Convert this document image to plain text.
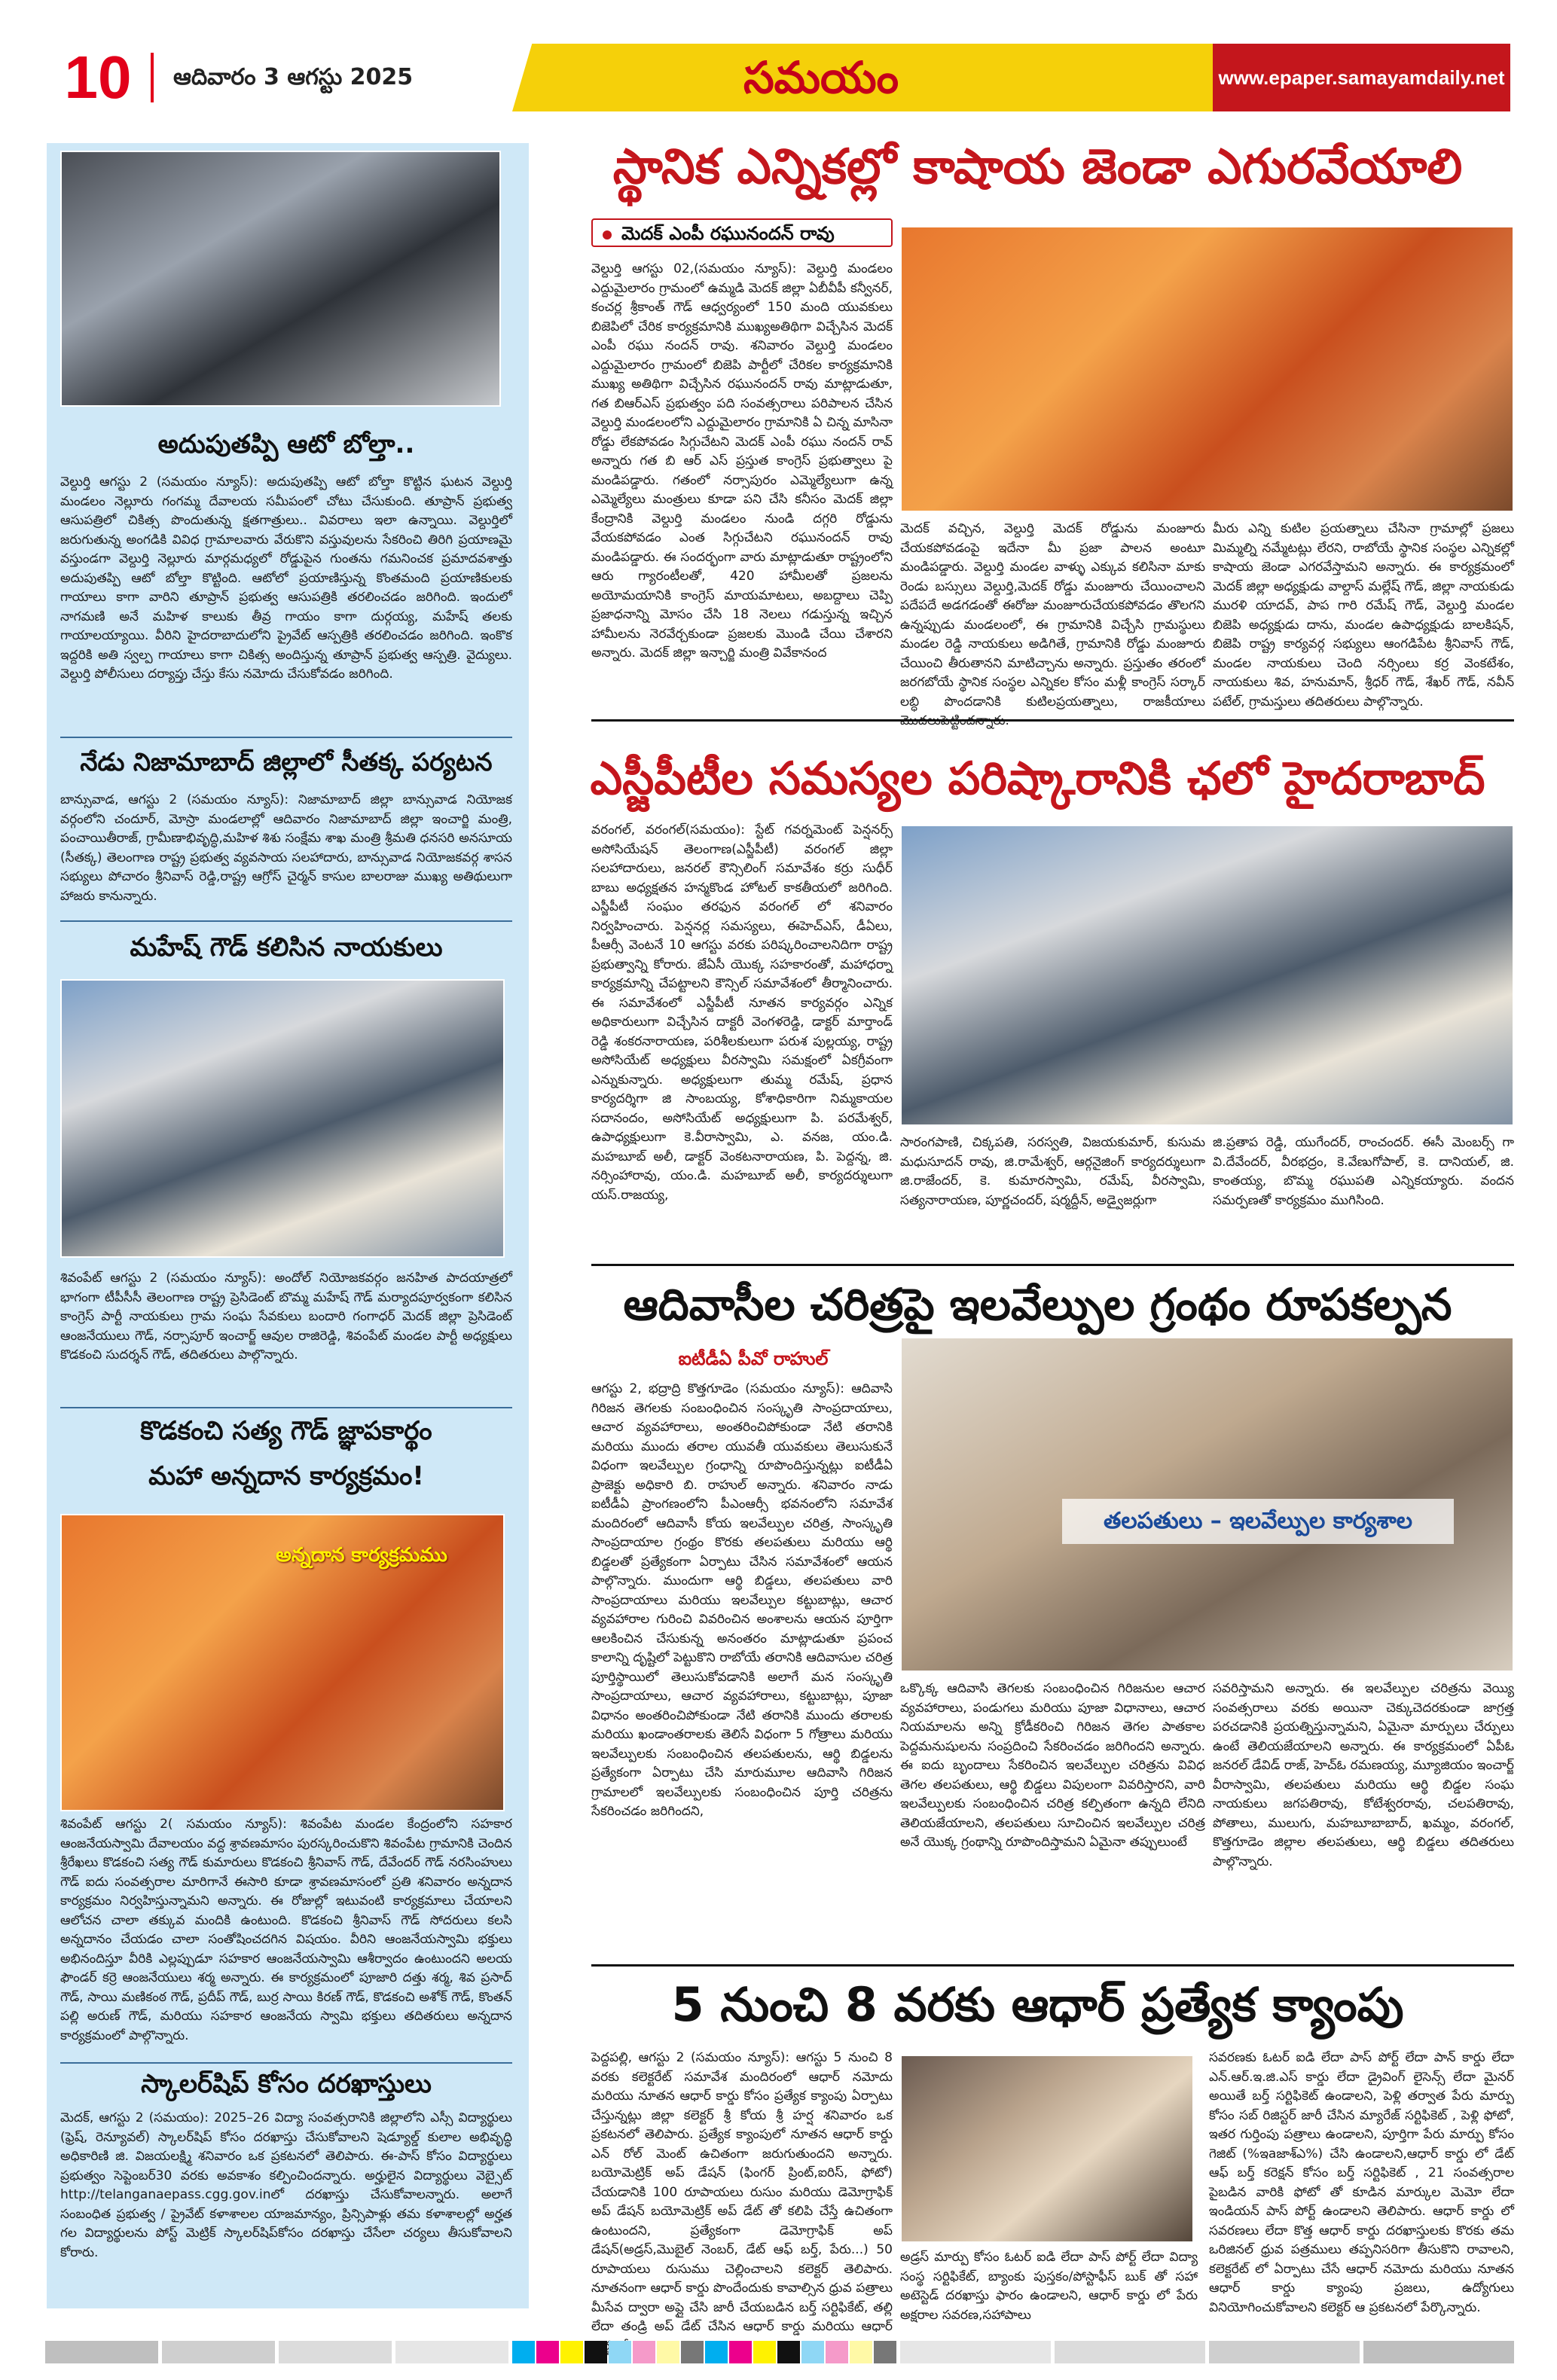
10	ఆదివారం 3 ఆగస్టు 2025	సమయం	www.epaper.samayamdaily.net
అదుపుతప్పి ఆటో బోల్తా..
వెల్దుర్తి ఆగస్టు 2 (సమయం న్యూస్): అదుపుతప్పి ఆటో బోల్తా కొట్టిన ఘటన వెల్దుర్తి మండలం నెల్లూరు గంగమ్మ దేవాలయ సమీపంలో చోటు చేసుకుంది. తూప్రాన్ ప్రభుత్వ ఆసుపత్రిలో చికిత్స పొందుతున్న క్షతగాత్రులు.. వివరాలు ఇలా ఉన్నాయి. వెల్దుర్తిలో జరుగుతున్న అంగడికి వివిధ గ్రామాలవారు వేరుకొని వస్తువులను సేకరించి తిరిగి ప్రయాణమై వస్తుండగా వెల్దుర్తి నెల్లూరు మార్గమధ్యలో రోడ్డుపైన గుంతను గమనించక ప్రమాదవశాత్తు అదుపుతప్పి ఆటో బోల్తా కొట్టింది. ఆటోలో ప్రయాణిస్తున్న కొంతమంది ప్రయాణికులకు గాయాలు కాగా వారిని తూప్రాన్ ప్రభుత్వ ఆసుపత్రికి తరలించడం జరిగింది. ఇందులో నాగమణి అనే మహిళ కాలుకు తీవ్ర గాయం కాగా దుర్గయ్య, మహేష్ తలకు గాయాలయ్యాయి. వీరిని హైదరాబాదులోని ప్రైవేట్ ఆస్పత్రికి తరలించడం జరిగింది. ఇంకొక ఇద్దరికి అతి స్వల్ప గాయాలు కాగా చికిత్స అందిస్తున్న తూప్రాన్ ప్రభుత్వ ఆస్పత్రి. వైద్యులు. వెల్దుర్తి పోలీసులు దర్యాప్తు చేస్తు కేసు నమోదు చేసుకోవడం జరిగింది.
నేడు నిజామాబాద్ జిల్లాలో సీతక్క పర్యటన
బాన్సువాడ, ఆగస్టు 2 (సమయం న్యూస్): నిజామాబాద్ జిల్లా బాన్సువాడ నియోజక వర్గంలోని చందూర్, మోస్రా మండలాల్లో ఆదివారం నిజామాబాద్ జిల్లా ఇంచార్జి మంత్రి, పంచాయితీరాజ్, గ్రామీణాభివృద్ధి,మహిళ శిశు సంక్షేమ శాఖ మంత్రి శ్రీమతి ధనసరి అనసూయ (సీతక్క) తెలంగాణ రాష్ట్ర ప్రభుత్వ వ్యవసాయ సలహాదారు, బాన్సువాడ నియోజకవర్గ శాసన సభ్యులు పోచారం శ్రీనివాస్ రెడ్డి,రాష్ట్ర ఆగ్రోస్ చైర్మన్ కాసుల బాలరాజు ముఖ్య అతిథులుగా హాజరు కానున్నారు.
మహేష్ గౌడ్ కలిసిన నాయకులు
శివంపేట్ ఆగస్టు 2 (సమయం న్యూస్): అందోల్ నియోజకవర్గం జనహిత పాదయాత్రలో భాగంగా టీపీసీసీ తెలంగాణ రాష్ట్ర ప్రెసిడెంట్ బొమ్మ మహేష్ గౌడ్ మర్యాదపూర్వకంగా కలిసిన కాంగ్రెస్ పార్టీ నాయకులు గ్రామ సంఘ సేవకులు బందారి గంగాధర్ మెదక్ జిల్లా ప్రెసిడెంట్ ఆంజనేయులు గౌడ్, నర్సాపూర్ ఇంచార్జ్ ఆవుల రాజిరెడ్డి, శివంపేట్ మండల పార్టీ అధ్యక్షులు కొడకంచి సుదర్శన్ గౌడ్, తదితరులు పాల్గొన్నారు.
కొడకంచి సత్య గౌడ్ జ్ఞాపకార్థం
మహా అన్నదాన కార్యక్రమం!
అన్నదాన కార్యక్రమము
శివంపేట్ ఆగస్టు 2( సమయం న్యూస్): శివంపేట మండల కేంద్రంలోని సహకార ఆంజనేయస్వామి దేవాలయం వద్ద శ్రావణమాసం పురస్కరించుకొని శివంపేట గ్రామానికి చెందిన శ్రీరేఖలు కొడకంచి సత్య గౌడ్ కుమారులు కొడకంచి శ్రీనివాస్ గౌడ్, దేవేందర్ గౌడ్ నరసింహులు గౌడ్ ఐదు సంవత్సరాల మారిగానే ఈసారి కూడా శ్రావణమాసంలో ప్రతి శనివారం అన్నదాన కార్యక్రమం నిర్వహిస్తున్నామని అన్నారు. ఈ రోజుల్లో ఇటువంటి కార్యక్రమాలు చేయాలని ఆలోచన చాలా తక్కువ మందికి ఉంటుంది. కొడకంచి శ్రీనివాస్ గౌడ్ సోదరులు కలసి అన్నదానం చేయడం చాలా సంతోషించదగిన విషయం. వీరిని ఆంజనేయస్వామి భక్తులు అభినందిస్తూ వీరికి ఎల్లప్పుడూ సహకార ఆంజనేయస్వామి ఆశీర్వాదం ఉంటుందని అలయ ఫౌండర్ కర్రె ఆంజనేయులు శర్మ అన్నారు. ఈ కార్యక్రమంలో పూజారి దత్తు శర్మ, శివ ప్రసాద్ గౌడ్, సాయి మణికంఠ గౌడ్, ప్రదీప్ గౌడ్, బుర్ర సాయి కిరణ్ గౌడ్, కొడకంచి అశోక్ గౌడ్, కొంతన్ పల్లి అరుణ్ గౌడ్, మరియు సహకార ఆంజనేయ స్వామి భక్తులు తదితరులు అన్నదాన కార్యక్రమంలో పాల్గొన్నారు.
స్కాలర్‌షిప్ కోసం దరఖాస్తులు
మెదక్, ఆగస్టు 2 (సమయం): 2025–26 విద్యా సంవత్సరానికి జిల్లాలోని ఎస్సీ విద్యార్థులు (ఫ్రెష్, రెన్యూవల్) స్కాలర్‌షిప్ కోసం దరఖాస్తు చేసుకోవాలని షెడ్యూల్డ్ కులాల అభివృద్ధి అధికారిణి జి. విజయలక్ష్మి శనివారం ఒక ప్రకటనలో తెలిపారు. ఈ-పాస్ కోసం విద్యార్థులు ప్రభుత్వం సెప్టెంబర్30 వరకు అవకాశం కల్పించిందన్నారు. అర్హులైన విద్యార్థులు వెబ్సైట్ http://telanganaepass.cgg.gov.inలో దరఖాస్తు చేసుకోవాలన్నారు. అలాగే సంబంధిత ప్రభుత్వ / ప్రైవేట్ కళాశాలల యాజమాన్యం, ప్రిన్సిపాళ్లు తమ కళాశాలల్లో అర్హత గల విద్యార్థులను పోస్ట్ మెట్రిక్ స్కాలర్‌షిప్‌కోసం దరఖాస్తు చేసేలా చర్యలు తీసుకోవాలని కోరారు.
స్థానిక ఎన్నికల్లో కాషాయ జెండా ఎగురవేయాలి
మెదక్ ఎంపీ రఘునందన్ రావు
వెల్దుర్తి ఆగస్టు 02,(సమయం న్యూస్): వెల్దుర్తి మండలం ఎద్దుమైలారం గ్రామంలో ఉమ్మడి మెదక్ జిల్లా ఏబీవీపీ కన్వీనర్, కంచర్ల శ్రీకాంత్ గౌడ్ ఆధ్వర్యంలో 150 మంది యువకులు బిజెపిలో చేరిక కార్యక్రమానికి ముఖ్యఅతిథిగా విచ్చేసిన మెదక్ ఎంపీ రఘు నందన్ రావు. శనివారం వెల్దుర్తి మండలం ఎద్దుమైలారం గ్రామంలో బిజెపి పార్టీలో చేరికల కార్యక్రమానికి ముఖ్య అతిథిగా విచ్చేసిన రఘునందన్ రావు మాట్లాడుతూ, గత బిఆర్ఎస్ ప్రభుత్వం పది సంవత్సరాలు పరిపాలన చేసిన వెల్దుర్తి మండలంలోని ఎద్దుమైలారం గ్రామానికి ఏ చిన్న మాసినా రోడ్డు లేకపోవడం సిగ్గుచేటని మెదక్ ఎంపీ రఘు నందన్ రావ్ అన్నారు గత బి ఆర్ ఎస్ ప్రస్తుత కాంగ్రెస్ ప్రభుత్వాలు పై మండిపడ్డారు. గతంలో నర్సాపురం ఎమ్మెల్యేలుగా ఉన్న ఎమ్మెల్యేలు మంత్రులు కూడా పని చేసి కనీసం మెదక్ జిల్లా కేంద్రానికి వెల్దుర్తి మండలం నుండి దగ్గరి రోడ్డును వేయకపోవడం ఎంత సిగ్గుచేటని రఘునందన్ రావు మండిపడ్డారు. ఈ సందర్భంగా వారు మాట్లాడుతూ రాష్ట్రంలోని ఆరు గ్యారంటీలతో, 420 హామీలతో ప్రజలను అయోమయానికి కాంగ్రెస్ మాయమాటలు, అబద్దాలు చెప్పి ప్రజాధనాన్ని మోసం చేసి 18 నెలలు గడుస్తున్న ఇచ్చిన హామీలను నెరవేర్చకుండా ప్రజలకు మొండి చేయి చేశారని అన్నారు. మెదక్ జిల్లా ఇన్చార్జి మంత్రి వివేకానంద
మెదక్ వచ్చిన, వెల్దుర్తి మెదక్ రోడ్డును మంజూరు చేయకపోవడంపై ఇదేనా మీ ప్రజా పాలన అంటూ మండిపడ్డారు. వెల్దుర్తి మండల వాళ్ళు ఎక్కువ కలిసినా మాకు రెండు బస్సులు వెల్దుర్తి,మెదక్ రోడ్డు మంజూరు చేయించాలని పదేపదే అడగడంతో ఈరోజు మంజూరుచేయకపోవడం తొలగని ఉన్నప్పుడు మండలంలో, ఈ గ్రామానికి విచ్చేసి గ్రామస్థులు మండల రెడ్డి నాయకులు అడిగితే, గ్రామానికి రోడ్డు మంజూరు చేయించి తీరుతానని మాటిచ్చాను అన్నారు. ప్రస్తుతం తరంలో జరగబోయే స్థానిక సంస్థల ఎన్నికల కోసం మళ్లీ కాంగ్రెస్ సర్కార్ లబ్ధి పొందడానికి కుటిలప్రయత్నాలు, రాజకీయాలు
మీరు ఎన్ని కుటిల ప్రయత్నాలు చేసినా గ్రామాల్లో ప్రజలు మిమ్మల్ని నమ్మేటట్లు లేరని, రాబోయే స్థానిక సంస్థల ఎన్నికల్లో కాషాయ జెండా ఎగరవేస్తామని అన్నారు. ఈ కార్యక్రమంలో మెదక్ జిల్లా అధ్యక్షుడు వాల్దాస్ మల్లేష్ గౌడ్, జిల్లా నాయకుడు మురళి యాదవ్, పాప గారి రమేష్ గౌడ్, వెల్దుర్తి మండల బిజెపి అధ్యక్షుడు దాను, మండల ఉపాధ్యక్షుడు బాలకిషన్, బిజెపి రాష్ట్ర కార్యవర్గ సభ్యులు ఆంగడిపేట శ్రీనివాస్ గౌడ్, మండల నాయకులు చెంది నర్సింలు కర్ర వెంకటేశం, నాయకులు శివ, హనుమాన్, శ్రీధర్ గౌడ్, శేఖర్ గౌడ్, నవీన్ పటేల్, గ్రామస్తులు తదితరులు పాల్గొన్నారు.
ఎస్జీపీటీల సమస్యల పరిష్కారానికి ఛలో హైదరాబాద్
వరంగల్, వరంగల్(సమయం): స్టేట్ గవర్నమెంట్ పెన్షనర్స్ అసోసియేషన్ తెలంగాణ(ఎస్జీపీటీ) వరంగల్ జిల్లా సలహాదారులు, జనరల్ కౌన్సిలింగ్ సమావేశం కర్రు సుధీర్ బాబు అధ్యక్షతన హన్మకొండ హోటల్ కాకతీయలో జరిగింది. ఎస్జీపీటీ సంఘం తరఫున వరంగల్ లో శనివారం నిర్వహించారు. పెన్షనర్ల సమస్యలు, ఈహెచ్ఎస్, డీఏలు, పీఆర్సీ వెంటనే 10 ఆగస్టు వరకు పరిష్కరించాలనిదిగా రాష్ట్ర ప్రభుత్వాన్ని కోరారు. జేఏసీ యొక్క సహకారంతో, మహాధర్నా కార్యక్రమాన్ని చేపట్టాలని కౌన్సిల్ సమావేశంలో తీర్మానించారు. ఈ సమావేశంలో ఎస్జీపీటీ నూతన కార్యవర్గం ఎన్నిక అధికారులుగా విచ్చేసిన దాక్టరీ వెంగళరెడ్డి, డాక్టర్ మార్తాండ్ రెడ్డి శంకరనారాయణ, పరిశీలకులుగా పరుశ పుల్లయ్య, రాష్ట్ర అసోసియేట్ అధ్యక్షులు వీరస్వామి సమక్షంలో ఏకగ్రీవంగా ఎన్నుకున్నారు. అధ్యక్షులుగా తుమ్మ రమేష్, ప్రధాన కార్యదర్శిగా జి సాంబయ్య, కోశాధికారిగా నిమ్మకాయల సదానందం, అసోసియేట్ అధ్యక్షులుగా పి. పరమేశ్వర్, ఉపాధ్యక్షులుగా కె.వీరాస్వామి, ఎ. వనజ, యం.డి. మహబూబ్ అలీ, డాక్టర్ వెంకటనారాయణ, పి. పెద్దన్న, జి. నర్సింహారావు, యం.డి. మహబూబ్ అలీ, కార్యదర్శులుగా యస్.రాజయ్య,
సారంగపాణి, చిక్కపతి, సరస్వతి, విజయకుమార్, కుసుమ మధుసూదన్ రావు, జి.రామేశ్వర్, ఆర్గనైజింగ్ కార్యదర్శులుగా జి.రాజేందర్, కె. కుమారస్వామి, రమేష్, వీరస్వామి, సత్యనారాయణ, పూర్ణచందర్, షర్మద్దీన్, అడ్వైజర్లుగా
జి.ప్రతాప రెడ్డి, యుగేందర్, రాంచందర్. ఈసీ మెంబర్స్ గా వి.దేవేందర్, వీరభద్రం, కె.వేణుగోపాల్, కె. దానియల్, జి. కాంతయ్య, బొమ్మ రఘుపతి ఎన్నికయ్యారు. వందన సమర్పణతో కార్యక్రమం ముగిసింది.
ఆదివాసీల చరిత్రపై ఇలవేల్పుల గ్రంథం రూపకల్పన
ఐటీడీఏ పీవో రాహుల్
ఆగస్టు 2, భద్రాద్రి కొత్తగూడెం (సమయం న్యూస్): ఆదివాసి గిరిజన తెగలకు సంబంధించిన సంస్కృతి సాంప్రదాయాలు, ఆచార వ్యవహారాలు, అంతరించిపోకుండా నేటి తరానికి మరియు ముందు తరాల యువతీ యువకులు తెలుసుకునే విధంగా ఇలవేల్పుల గ్రంధాన్ని రూపొందిస్తున్నట్లు ఐటీడీఏ ప్రాజెక్టు అధికారి బి. రాహుల్ అన్నారు. శనివారం నాడు ఐటీడీఏ ప్రాంగణంలోని పీఎంఆర్సీ భవనంలోని సమావేశ మందిరంలో ఆదివాసీ కోయ ఇలవేల్పుల చరిత్ర, సాంస్కృతి సాంప్రదాయాల గ్రంథ్రం కొరకు తలపతులు మరియు ఆర్థి బిడ్డలతో ప్రత్యేకంగా ఏర్పాటు చేసిన సమావేశంలో ఆయన పాల్గొన్నారు. ముందుగా ఆర్థి బిడ్డలు, తలపతులు వారి సాంప్రదాయాలు మరియు ఇలవేల్పుల కట్టుబాట్లు, ఆచార వ్యవహారాల గురించి వివరించిన అంశాలను ఆయన పూర్తిగా ఆలకించిన చేసుకున్న అనంతరం మాట్లాడుతూ ప్రపంచ కాలాన్ని దృష్టిలో పెట్టుకొని రాబోయే తరానికి ఆదివాసుల చరిత్ర పూర్తిస్థాయిలో తెలుసుకోవడానికి అలాగే మన సంస్కృతి సాంప్రదాయాలు, ఆచార వ్యవహారాలు, కట్టుబాట్లు, పూజా విధానం అంతరించిపోకుండా నేటి తరానికి ముందు తరాలకు మరియు ఖండాంతరాలకు తెలిసే విధంగా 5 గోత్రాలు మరియు ఇలవేల్పులకు సంబంధించిన తలపతులను, ఆర్థి బిడ్డలను ప్రత్యేకంగా ఏర్పాటు చేసి మారుమూల ఆదివాసి గిరిజన గ్రామాలలో ఇలవేల్పులకు సంబంధించిన పూర్తి చరిత్రను సేకరించడం జరిగిందని,
తలపతులు – ఇలవేల్పుల కార్యశాల
ఒక్కొక్క ఆదివాసి తెగలకు సంబంధించిన గిరిజనుల ఆచార వ్యవహారాలు, పండుగలు మరియు పూజా విధానాలు, ఆచార నియమాలను అన్ని క్రోడీకరించి గిరిజన తెగల పాతకాల పెద్దమనుషులను సంప్రదించి సేకరించడం జరిగిందని అన్నారు. ఈ ఐదు బృందాలు సేకరించిన ఇలవేల్పుల చరిత్రను వివిధ తెగల తలపతులు, ఆర్థి బిడ్డలు విపులంగా వివరిస్తారని, వారి ఇలవేల్పులకు సంబంధించిన చరిత్ర కల్పితంగా ఉన్నది లేనిది తెలియజేయాలని, తలపతులు సూచించిన ఇలవేల్పుల చరిత్ర అనే యొక్క గ్రంథాన్ని రూపొందిస్తామని ఏమైనా తప్పులుంటే
సవరిస్తామని అన్నారు. ఈ ఇలవేల్పుల చరిత్రను వెయ్యి సంవత్సరాలు వరకు అయినా చెక్కుచెదరకుండా జాగ్రత్త పరచడానికి ప్రయత్నిస్తున్నామని, ఏమైనా మార్పులు చేర్పులు ఉంటే తెలియజేయాలని అన్నారు. ఈ కార్యక్రమంలో ఏపీఓ జనరల్ డేవిడ్ రాజ్, హెచ్ఓ రమణయ్య, మ్యూజియం ఇంచార్జ్ వీరాస్వామి, తలపతులు మరియు ఆర్థి బిడ్డల సంఘ నాయకులు జగపతిరావు, కోటేశ్వరరావు, చలపతిరావు, పోతాలు, ములుగు, మహబూబాబాద్, ఖమ్మం, వరంగల్, కొత్తగూడెం జిల్లాల తలపతులు, ఆర్థి బిడ్డలు తదితరులు పాల్గొన్నారు.
5 నుంచి 8 వరకు ఆధార్ ప్రత్యేక క్యాంపు
పెద్దపల్లి, ఆగస్టు 2 (సమయం న్యూస్): ఆగస్టు 5 నుంచి 8 వరకు కలెక్టరేట్ సమావేశ మందిరంలో ఆధార్ నమోదు మరియు నూతన ఆధార్ కార్డు కోసం ప్రత్యేక క్యాంపు ఏర్పాటు చేస్తున్నట్లు జిల్లా కలెక్టర్ శ్రీ కోయ శ్రీ హర్ష శనివారం ఒక ప్రకటనలో తెలిపారు. ప్రత్యేక క్యాంపులో నూతన ఆధార్ కార్డు ఎన్ రోల్ మెంట్ ఉచితంగా జరుగుతుందని అన్నారు. బయోమెట్రిక్ అప్ డేషన్ (ఫింగర్ ప్రింట్,ఐరిస్, ఫోటో) చేయడానికి 100 రూపాయలు రుసుం మరియు డెమోగ్రాఫిక్ అప్ డేషన్ బయోమెట్రిక్ అప్ డేట్ తో కలిపి చేస్తే ఉచితంగా ఉంటుందని, ప్రత్యేకంగా డెమోగ్రాఫిక్ అప్ డేషన్(అడ్రస్,మొబైల్ నెంబర్, డేట్ ఆఫ్ బర్త్, పేరు...) 50 రూపాయలు రుసుము చెల్లించాలని కలెక్టర్ తెలిపారు. నూతనంగా ఆధార్ కార్డు పొందేందుకు కావాల్సిన ధ్రువ పత్రాలు మీసేవ ద్వారా అప్లై చేసి జారీ చేయబడిన బర్త్ సర్టిఫికేట్, తల్లి లేదా తండ్రి అప్ డేట్ చేసిన ఆధార్ కార్డు మరియు ఆధార్
అడ్రస్ మార్పు కోసం ఓటర్ ఐడి లేదా పాస్ పోర్ట్ లేదా విద్యా సంస్థ సర్టిఫికేట్, బ్యాంకు పుస్తకం/పోస్టాఫీస్ బుక్ తో సహా అటెస్టెడ్ దరఖాస్తు ఫారం ఉండాలని, ఆధార్ కార్డు లో పేరు అక్షరాల సవరణ,సహాపాలు
సవరణకు ఓటర్ ఐడి లేదా పాస్ పోర్ట్ లేదా పాన్ కార్డు లేదా ఎన్.ఆర్.ఇ.జి.ఎస్ కార్డు లేదా డ్రైవింగ్ లైసెన్స్ లేదా మైనర్ అయితే బర్త్ సర్టిఫికెట్ ఉండాలని, పెళ్లి తర్వాత పేరు మార్పు కోసం సబ్ రిజిస్టర్ జారీ చేసిన మ్యారేజ్ సర్టిఫికెట్ , పెళ్లి ఫోటో, ఇతర గుర్తింపు పత్రాలు ఉండాలని, పూర్తిగా పేరు మార్పు కోసం గెజిట్ (%ఇaజాశ్ఎ%) చేసి ఉండాలని,ఆధార్ కార్డు లో డేట్ ఆఫ్ బర్త్ కరెక్షన్ కోసం బర్త్ సర్టిఫికెట్ , 21 సంవత్సరాల పైబడిన వారికి ఫోటో తో కూడిన మార్కుల మెమో లేదా ఇండియన్ పాస్ పోర్ట్ ఉండాలని తెలిపారు. ఆధార్ కార్డు లో సవరణలు లేదా కొత్త ఆధార్ కార్డు దరఖాస్తులకు కొరకు తమ ఒరిజినల్ ధ్రువ పత్రములు తప్పనిసరిగా తీసుకొని రావాలని, కలెక్టరేట్ లో ఏర్పాటు చేసే ఆధార్ నమోదు మరియు నూతన ఆధార్ కార్డు క్యాంపు ప్రజలు, ఉద్యోగులు వినియోగించుకోవాలని కలెక్టర్ ఆ ప్రకటనలో పేర్కొన్నారు.
